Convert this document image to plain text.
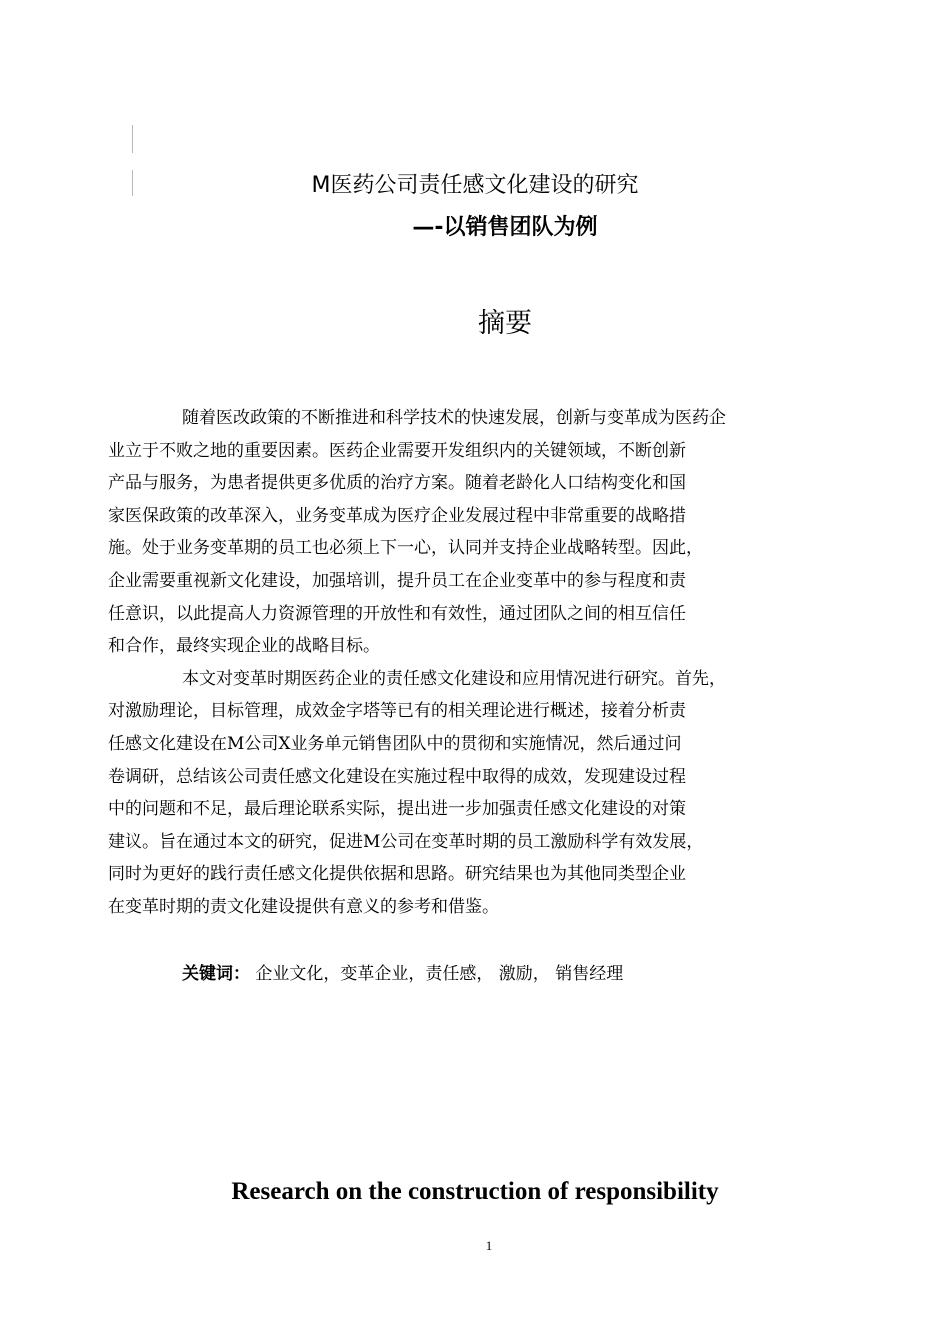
M医药公司责任感文化建设的研究
—-以销售团队为例
摘要

随着医改政策的不断推进和科学技术的快速发展，创新与变革成为医药企
业立于不败之地的重要因素。医药企业需要开发组织内的关键领域，不断创新
产品与服务，为患者提供更多优质的治疗方案。随着老龄化人口结构变化和国
家医保政策的改革深入，业务变革成为医疗企业发展过程中非常重要的战略措
施。处于业务变革期的员工也必须上下一心，认同并支持企业战略转型。因此，
企业需要重视新文化建设，加强培训，提升员工在企业变革中的参与程度和责
任意识，以此提高人力资源管理的开放性和有效性，通过团队之间的相互信任
和合作，最终实现企业的战略目标。

本文对变革时期医药企业的责任感文化建设和应用情况进行研究。首先，
对激励理论，目标管理，成效金字塔等已有的相关理论进行概述，接着分析责
任感文化建设在M公司X业务单元销售团队中的贯彻和实施情况，然后通过问
卷调研，总结该公司责任感文化建设在实施过程中取得的成效，发现建设过程
中的问题和不足，最后理论联系实际，提出进一步加强责任感文化建设的对策
建议。旨在通过本文的研究，促进M公司在变革时期的员工激励科学有效发展，
同时为更好的践行责任感文化提供依据和思路。研究结果也为其他同类型企业
在变革时期的责文化建设提供有意义的参考和借鉴。

关键词： 企业文化，变革企业，责任感， 激励， 销售经理
Research on the construction of responsibility
1
